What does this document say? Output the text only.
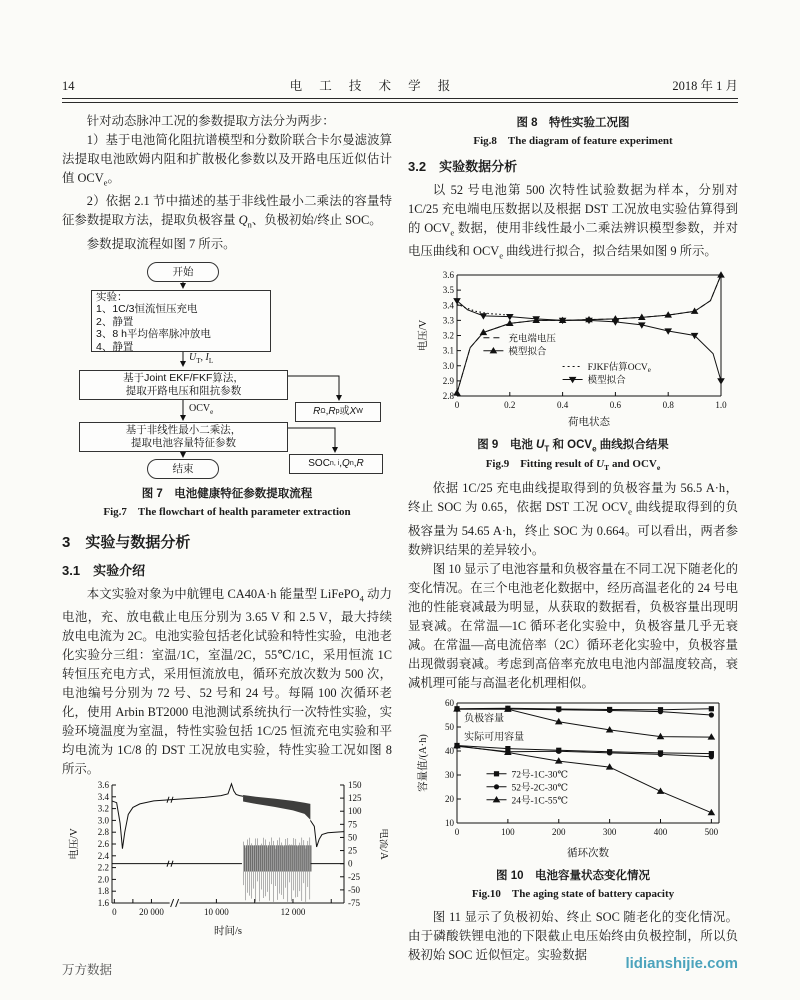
14	电 工 技 术 学 报	2018 年 1 月

针对动态脉冲工况的参数提取方法分为两步：

1）基于电池简化阻抗谱模型和分数阶联合卡尔曼滤波算法提取电池欧姆内阻和扩散极化参数以及开路电压近似估计值 $OCV_e$。

2）依据 2.1 节中描述的基于非线性最小二乘法的容量特征参数提取方法，提取负极容量 $Q_n$、负极初始/终止 SOC。

参数提取流程如图 7 所示。

开始
实验：
1、1C/3恒流恒压充电
2、静置
3、8 h平均倍率脉冲放电
4、静置
$U_T$, $I_L$
基于Joint EKF/FKF算法，
提取开路电压和阻抗参数
R Ω , R p 或 X W
$OCV_e$
基于非线性最小二乘法，
提取电池容量特征参数
SOC n, i , Q n , R
结束
图 7　电池健康特征参数提取流程
Fig.7　The flowchart of health parameter extraction
3　实验与数据分析
3.1　实验介绍

本文实验对象为中航锂电 CA40A·h 能量型 LiFePO$_4$ 动力电池，充、放电截止电压分别为 3.65 V 和 2.5 V，最大持续放电电流为 2C。电池实验包括老化试验和特性实验，电池老化实验分三组：室温/1C，室温/2C，55℃/1C，采用恒流 1C 转恒压充电方式，采用恒流放电，循环充放次数为 500 次，电池编号分别为 72 号、52 号和 24 号。每隔 100 次循环老化，使用 Arbin BT2000 电池测试系统执行一次特性实验，实验环境温度为室温，特性实验包括 1C/25 恒流充电实验和平均电流为 1C/8 的 DST 工况放电实验，特性实验工况如图 8 所示。

1.6
1.8
2.0
2.2
2.4
2.6
2.8
3.0
3.2
3.4
3.6
-75
-50
-25
0
25
50
75
100
125
150
0 20 000	10 000	12 000
时间/s
电压/V	电流/A
图 8　特性实验工况图
Fig.8　The diagram of feature experiment
3.2　实验数据分析

以 52 号电池第 500 次特性试验数据为样本，分别对 1C/25 充电端电压数据以及根据 DST 工况放电实验估算得到的 $OCV_e$ 数据，使用非线性最小二乘法辨识模型参数，并对电压曲线和 $OCV_e$ 曲线进行拟合，拟合结果如图 9 所示。

2.8
2.9
3.0
3.1
3.2
3.3
3.4
3.5
3.6
0	0.2	0.4	0.6	0.8	1.0
荷电状态
电压/V	充电端电压
模型拟合
FJKF估算$OCV_e$
模型拟合
图 9　电池 $U_T$ 和 $OCV_e$ 曲线拟合结果
Fig.9　Fitting result of $U_T$ and $OCV_e$

依据 1C/25 充电曲线提取得到的负极容量为 56.5 A·h，终止 SOC 为 0.65，依据 DST 工况 $OCV_e$ 曲线提取得到的负极容量为 54.65 A·h，终止 SOC 为 0.664。可以看出，两者参数辨识结果的差异较小。

图 10 显示了电池容量和负极容量在不同工况下随老化的变化情况。在三个电池老化数据中，经历高温老化的 24 号电池的性能衰减最为明显，从获取的数据看，负极容量出现明显衰减。在常温—1C 循环老化实验中，负极容量几乎无衰减。在常温—高电流倍率（2C）循环老化实验中，负极容量出现微弱衰减。考虑到高倍率充放电电池内部温度较高，衰减机理可能与高温老化机理相似。

10
20
30
40
50
60
0	100	200	300	400	500
循环次数
容量值/(A·h)
负极容量
实际可用容量
72号-1C-30℃
52号-2C-30℃
24号-1C-55℃
图 10　电池容量状态变化情况
Fig.10　The aging state of battery capacity

图 11 显示了负极初始、终止 SOC 随老化的变化情况。由于磷酸铁锂电池的下限截止电压始终由负极控制，所以负极初始 SOC 近似恒定。实验数据

万方数据	lidianshijie.com
